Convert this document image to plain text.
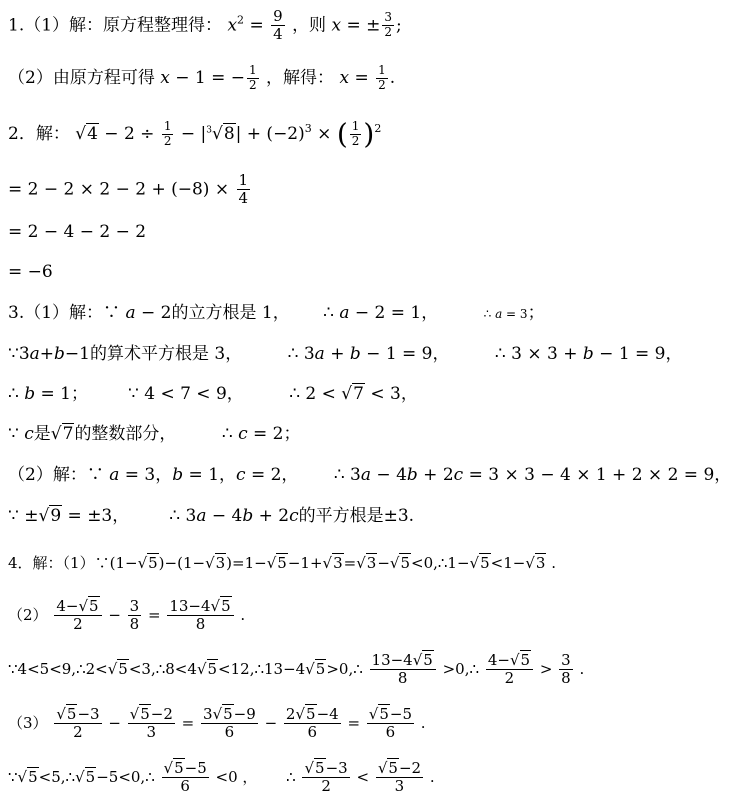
1.（1）解：原方程整理得： $x^2 = \frac{9}{4}$ ，则 x = ± $\frac{3}{2}$ ;
（2）由原方程可得 x − 1 = − $\frac{1}{2}$ ，解得： $x = \frac{1}{2}$ .
2．解： $√4 - 2 \div \frac{1}{2} - |^3√8| + (-2)^3$ × ( $\frac{1}{2} )^2$
= $2 - 2 \times 2 - 2 + (-8) \times \frac{1}{4}$
= 2 − 4 − 2 − 2
= −6
3.（1）解：∵ a − 2的立方根是 1， ∴ a − 2 = 1，	∴ a = 3；
∵3a+b−1的算术平方根是 3，	∴ 3a + b − 1 = 9， ∴ 3 × 3 + b − 1 = 9，
∴ b = 1； ∵ 4 < 7 < 9， ∴ 2 < √7 < 3，
∵ c是√7的整数部分，	∴ c = 2；
（2）解：∵ a = 3，b = 1，c = 2， ∴ 3a − 4b + 2c = 3 × 3 − 4 × 1 + 2 × 2 = 9，
∵ ±√9 = ±3， ∴ 3a − 4b + 2c的平方根是±3.
4．解：（1）∵(1−√5)−(1−√3)=1−√5−1+√3=√3−√5<0,∴1−√5<1−√3 .
$(2) \frac{4-√5}{2} - \frac{3}{8} = \frac{13-4√5}{8}$ .
∵4<5<9,∴2<√5<3,∴8<4√5<12,∴13−4√5>0,∴ $\frac{13-4√5}{8}$ >0,∴ $\frac{4-√5}{2} > \frac{3}{8}$ .
$(3) \frac{√5-3}{2} - \frac{√5-2}{3} = \frac{3√5-9}{6} - \frac{2√5-4}{6} = \frac{√5-5}{6}$ .
∵√5<5,∴√5−5<0,∴ $\frac{√5-5}{6} <0$ ， ∴ $\frac{√5-3}{2} < \frac{√5-2}{3}$ .
